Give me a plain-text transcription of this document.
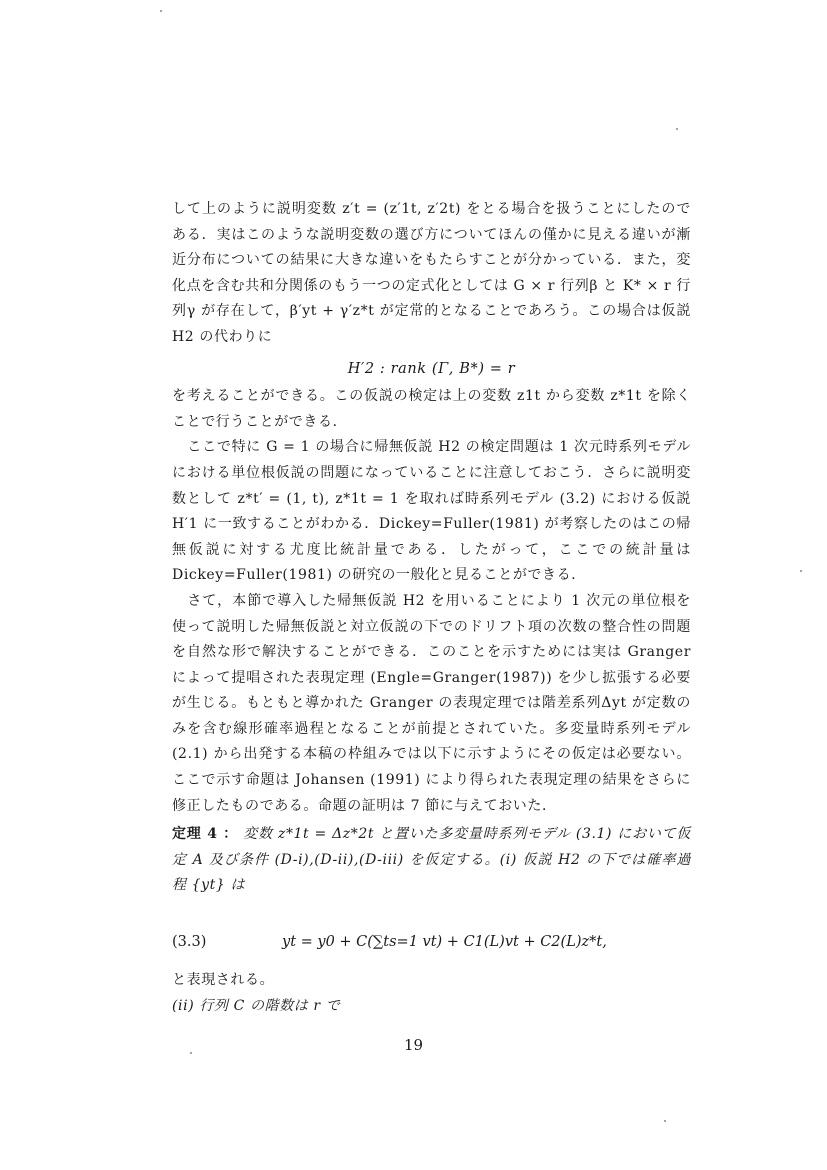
して上のように説明変数 z′t = (z′1t, z′2t) をとる場合を扱うことにしたのである．実はこのような説明変数の選び方についてほんの僅かに見える違いが漸近分布についての結果に大きな違いをもたらすことが分かっている．また，変化点を含む共和分関係のもう一つの定式化としては G × r 行列β と K* × r 行列γ が存在して，β′yt + γ′z*t が定常的となることであろう。この場合は仮説 H2 の代わりに

H′2 : rank (Γ, B*) = r

を考えることができる。この仮説の検定は上の変数 z1t から変数 z*1t を除くことで行うことができる．

ここで特に G = 1 の場合に帰無仮説 H2 の検定問題は 1 次元時系列モデルにおける単位根仮説の問題になっていることに注意しておこう．さらに説明変数として z*t′ = (1, t), z*1t = 1 を取れば時系列モデル (3.2) における仮説 H′1 に一致することがわかる．Dickey=Fuller(1981) が考察したのはこの帰無仮説に対する尤度比統計量である．したがって，ここでの統計量は Dickey=Fuller(1981) の研究の一般化と見ることができる．

さて，本節で導入した帰無仮説 H2 を用いることにより 1 次元の単位根を使って説明した帰無仮説と対立仮説の下でのドリフト項の次数の整合性の問題を自然な形で解決することができる．このことを示すためには実は Granger によって提唱された表現定理 (Engle=Granger(1987)) を少し拡張する必要が生じる。もともと導かれた Granger の表現定理では階差系列Δyt が定数のみを含む線形確率過程となることが前提とされていた。多変量時系列モデル (2.1) から出発する本稿の枠組みでは以下に示すようにその仮定は必要ない。ここで示す命題は Johansen (1991) により得られた表現定理の結果をさらに修正したものである。命題の証明は 7 節に与えておいた．

定理 4 ： 変数 z*1t = Δz*2t と置いた多変量時系列モデル (3.1) において仮定 A 及び条件 (D-i),(D-ii),(D-iii) を仮定する。(i) 仮説 H2 の下では確率過程 {yt} は
(3.3)	yt = y0 + C(∑ts=1 vt) + C1(L)vt + C2(L)z*t,
と表現される。
(ii) 行列 C の階数は r で
19
